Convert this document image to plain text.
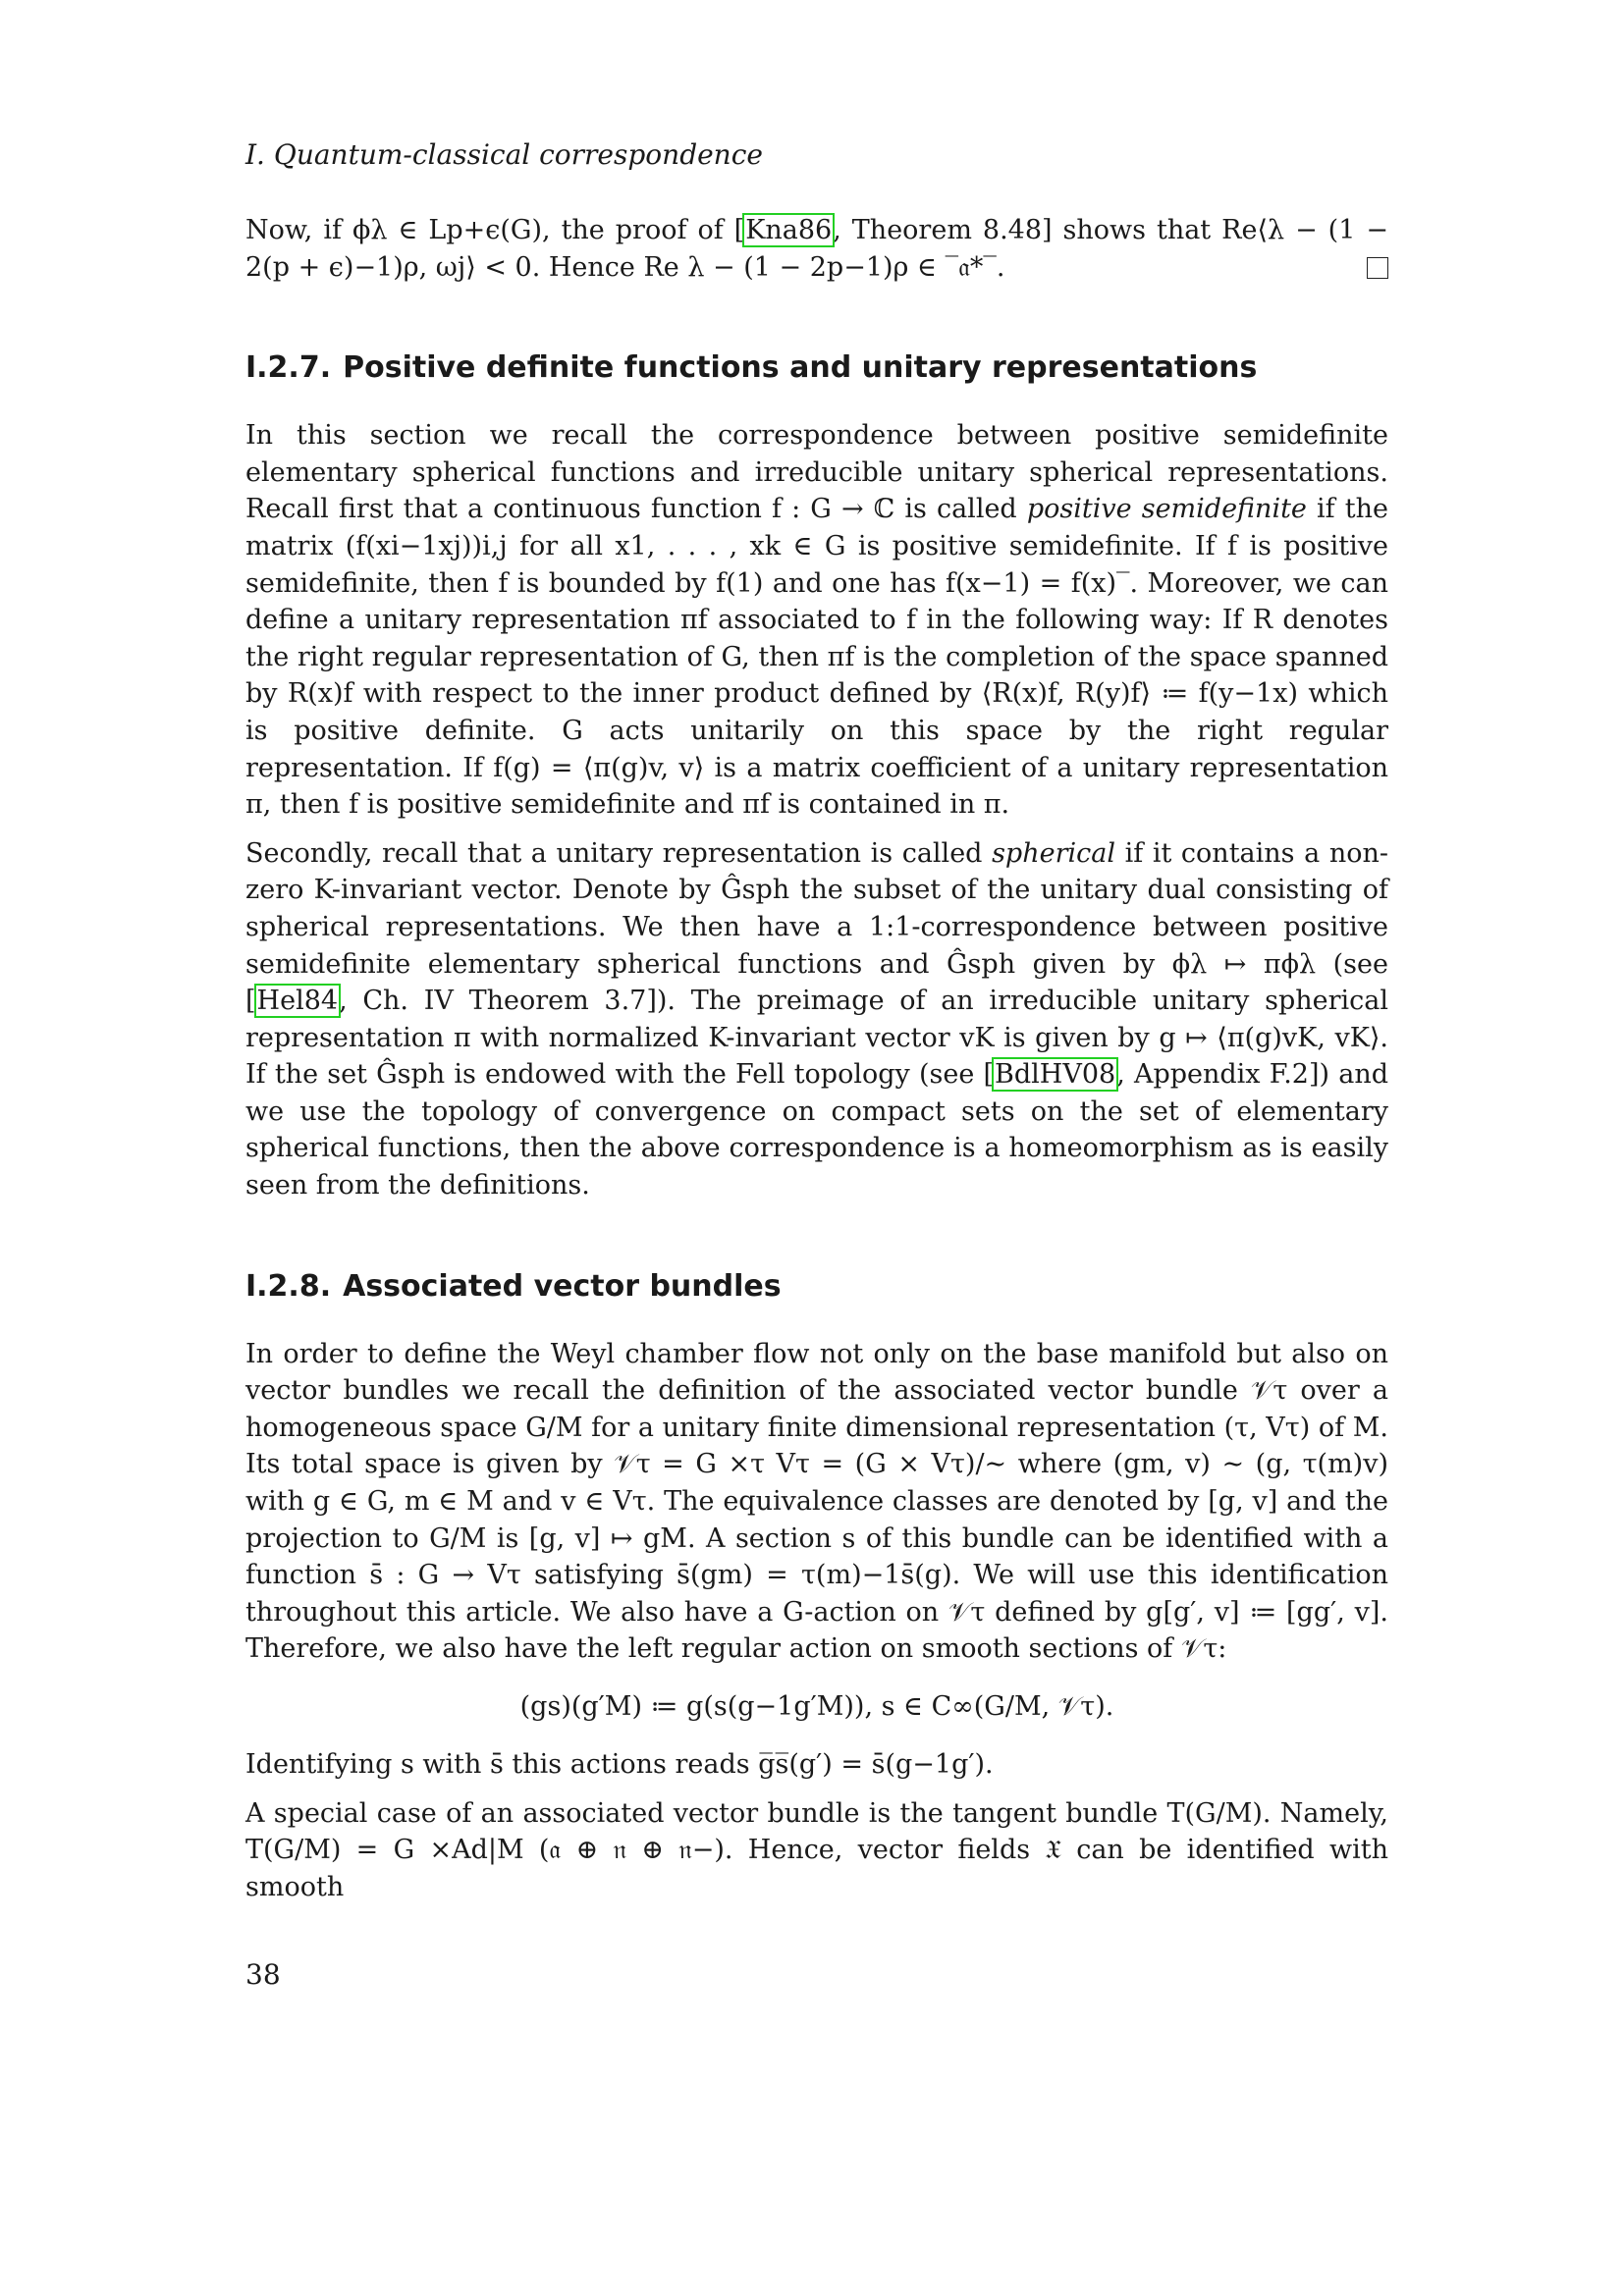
I. Quantum-classical correspondence

Now, if ϕλ ∈ Lp+ϵ(G), the proof of [Kna86, Theorem 8.48] shows that Re⟨λ − (1 − 2(p + ϵ)−1)ρ, ωj⟩ < 0. Hence Re λ − (1 − 2p−1)ρ ∈ ‾𝔞*‾.

I.2.7. Positive definite functions and unitary representations

In this section we recall the correspondence between positive semidefinite elementary spherical functions and irreducible unitary spherical representations. Recall first that a continuous function f : G → ℂ is called positive semidefinite if the matrix (f(xi−1xj))i,j for all x1, . . . , xk ∈ G is positive semidefinite. If f is positive semidefinite, then f is bounded by f(1) and one has f(x−1) = f(x)‾. Moreover, we can define a unitary representation πf associated to f in the following way: If R denotes the right regular representation of G, then πf is the completion of the space spanned by R(x)f with respect to the inner product defined by ⟨R(x)f, R(y)f⟩ ≔ f(y−1x) which is positive definite. G acts unitarily on this space by the right regular representation. If f(g) = ⟨π(g)v, v⟩ is a matrix coefficient of a unitary representation π, then f is positive semidefinite and πf is contained in π.

Secondly, recall that a unitary representation is called spherical if it contains a non-zero K-invariant vector. Denote by Ĝsph the subset of the unitary dual consisting of spherical representations. We then have a 1:1-correspondence between positive semidefinite elementary spherical functions and Ĝsph given by ϕλ ↦ πϕλ (see [Hel84, Ch. IV Theorem 3.7]). The preimage of an irreducible unitary spherical representation π with normalized K-invariant vector vK is given by g ↦ ⟨π(g)vK, vK⟩. If the set Ĝsph is endowed with the Fell topology (see [BdlHV08, Appendix F.2]) and we use the topology of convergence on compact sets on the set of elementary spherical functions, then the above correspondence is a homeomorphism as is easily seen from the definitions.

I.2.8. Associated vector bundles

In order to define the Weyl chamber flow not only on the base manifold but also on vector bundles we recall the definition of the associated vector bundle 𝒱τ over a homogeneous space G/M for a unitary finite dimensional representation (τ, Vτ) of M. Its total space is given by 𝒱τ = G ×τ Vτ = (G × Vτ)/∼ where (gm, v) ∼ (g, τ(m)v) with g ∈ G, m ∈ M and v ∈ Vτ. The equivalence classes are denoted by [g, v] and the projection to G/M is [g, v] ↦ gM. A section s of this bundle can be identified with a function s̄ : G → Vτ satisfying s̄(gm) = τ(m)−1s̄(g). We will use this identification throughout this article. We also have a G-action on 𝒱τ defined by g[g′, v] ≔ [gg′, v]. Therefore, we also have the left regular action on smooth sections of 𝒱τ:

(gs)(g′M) ≔ g(s(g−1g′M)), s ∈ C∞(G/M, 𝒱τ).

Identifying s with s̄ this actions reads g̅s̅(g′) = s̄(g−1g′).

A special case of an associated vector bundle is the tangent bundle T(G/M). Namely, T(G/M) = G ×Ad|M (𝔞 ⊕ 𝔫 ⊕ 𝔫−). Hence, vector fields 𝔛 can be identified with smooth

38
